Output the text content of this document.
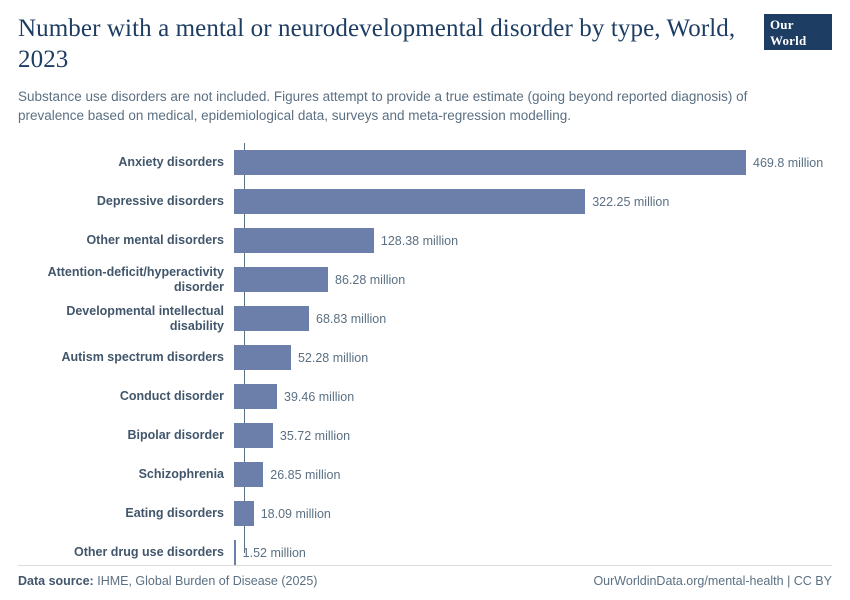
Number with a mental or neurodevelopmental disorder by type, World, 2023

Substance use disorders are not included. Figures attempt to provide a true estimate (going beyond reported diagnosis) of prevalence based on medical, epidemiological data, surveys and meta-regression modelling.

Our World
in Data
Anxiety disorders	469.8 million
Depressive disorders	322.25 million
Other mental disorders	128.38 million
Attention-deficit/hyperactivity disorder	86.28 million
Developmental intellectual disability	68.83 million
Autism spectrum disorders	52.28 million
Conduct disorder	39.46 million
Bipolar disorder	35.72 million
Schizophrenia	26.85 million
Eating disorders	18.09 million
Other drug use disorders	1.52 million
Data source: IHME, Global Burden of Disease (2025)	OurWorldinData.org/mental-health | CC BY
